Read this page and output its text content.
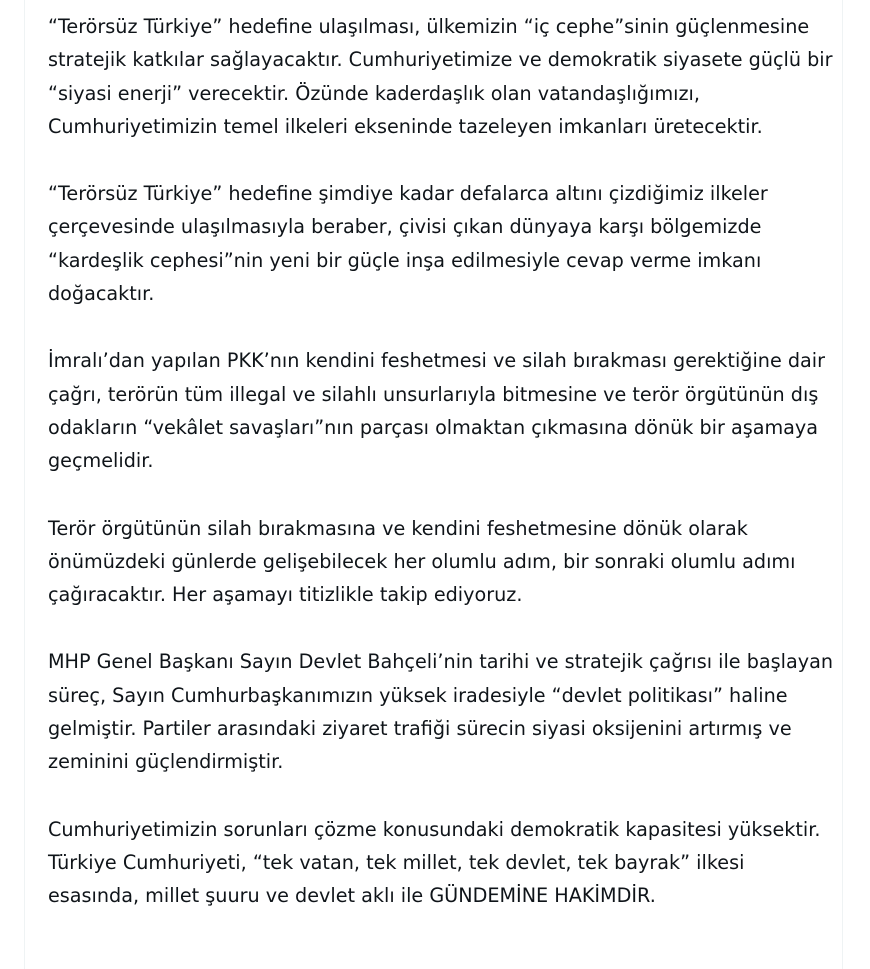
“Terörsüz Türkiye” hedefine ulaşılması, ülkemizin “iç cephe”sinin güçlenmesine stratejik katkılar sağlayacaktır. Cumhuriyetimize ve demokratik siyasete güçlü bir “siyasi enerji” verecektir. Özünde kaderdaşlık olan vatandaşlığımızı, Cumhuriyetimizin temel ilkeleri ekseninde tazeleyen imkanları üretecektir.

“Terörsüz Türkiye” hedefine şimdiye kadar defalarca altını çizdiğimiz ilkeler çerçevesinde ulaşılmasıyla beraber, çivisi çıkan dünyaya karşı bölgemizde “kardeşlik cephesi”nin yeni bir güçle inşa edilmesiyle cevap verme imkanı doğacaktır.

İmralı’dan yapılan PKK’nın kendini feshetmesi ve silah bırakması gerektiğine dair çağrı, terörün tüm illegal ve silahlı unsurlarıyla bitmesine ve terör örgütünün dış odakların “vekâlet savaşları”nın parçası olmaktan çıkmasına dönük bir aşamaya geçmelidir.

Terör örgütünün silah bırakmasına ve kendini feshetmesine dönük olarak önümüzdeki günlerde gelişebilecek her olumlu adım, bir sonraki olumlu adımı çağıracaktır. Her aşamayı titizlikle takip ediyoruz.

MHP Genel Başkanı Sayın Devlet Bahçeli’nin tarihi ve stratejik çağrısı ile başlayan süreç, Sayın Cumhurbaşkanımızın yüksek iradesiyle “devlet politikası” haline gelmiştir. Partiler arasındaki ziyaret trafiği sürecin siyasi oksijenini artırmış ve zeminini güçlendirmiştir.

Cumhuriyetimizin sorunları çözme konusundaki demokratik kapasitesi yüksektir. Türkiye Cumhuriyeti, “tek vatan, tek millet, tek devlet, tek bayrak” ilkesi esasında, millet şuuru ve devlet aklı ile GÜNDEMİNE HAKİMDİR.
